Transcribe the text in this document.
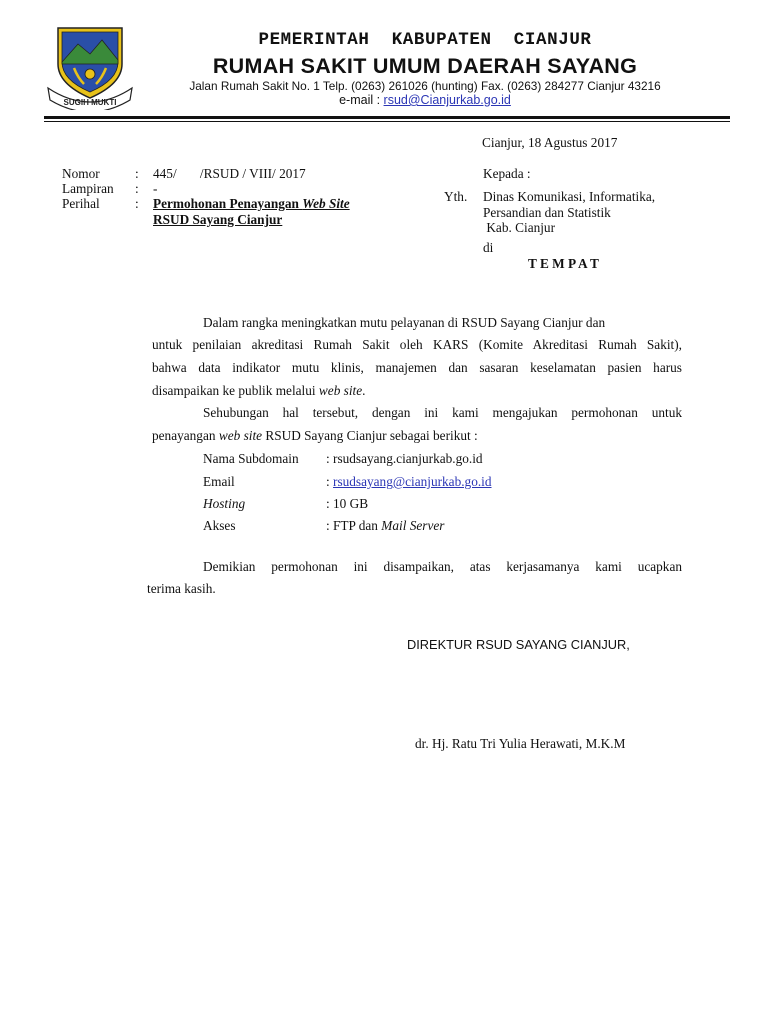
SUGIH MUKTI
PEMERINTAH  KABUPATEN  CIANJUR
RUMAH SAKIT UMUM DAERAH SAYANG
Jalan Rumah Sakit No. 1 Telp. (0263) 261026 (hunting) Fax. (0263) 284277 Cianjur 43216
e-mail : rsud@Cianjurkab.go.id
Cianjur, 18 Agustus 2017
Nomor	: 445/       /RSUD / VIII/ 2017
Lampiran : -
Perihal	: Permohonan Penayangan Web Site
RSUD Sayang Cianjur
Kepada :
Yth. Dinas Komunikasi, Informatika,
Persandian dan Statistik
Kab. Cianjur
di
T E M P A T
Dalam rangka meningkatkan mutu pelayanan di RSUD Sayang Cianjur dan
untuk penilaian akreditasi Rumah Sakit oleh KARS (Komite Akreditasi Rumah Sakit),
bahwa data indikator mutu klinis, manajemen dan sasaran keselamatan pasien harus
disampaikan ke publik melalui web site.
Sehubungan hal tersebut, dengan ini kami mengajukan permohonan untuk
penayangan web site RSUD Sayang Cianjur sebagai berikut :
Nama Subdomain : rsudsayang.cianjurkab.go.id
Email	: rsudsayang@cianjurkab.go.id
Hosting	: 10 GB
Akses	: FTP dan Mail Server
Demikian permohonan ini disampaikan, atas kerjasamanya kami ucapkan
terima kasih.
DIREKTUR RSUD SAYANG CIANJUR,
dr. Hj. Ratu Tri Yulia Herawati, M.K.M
